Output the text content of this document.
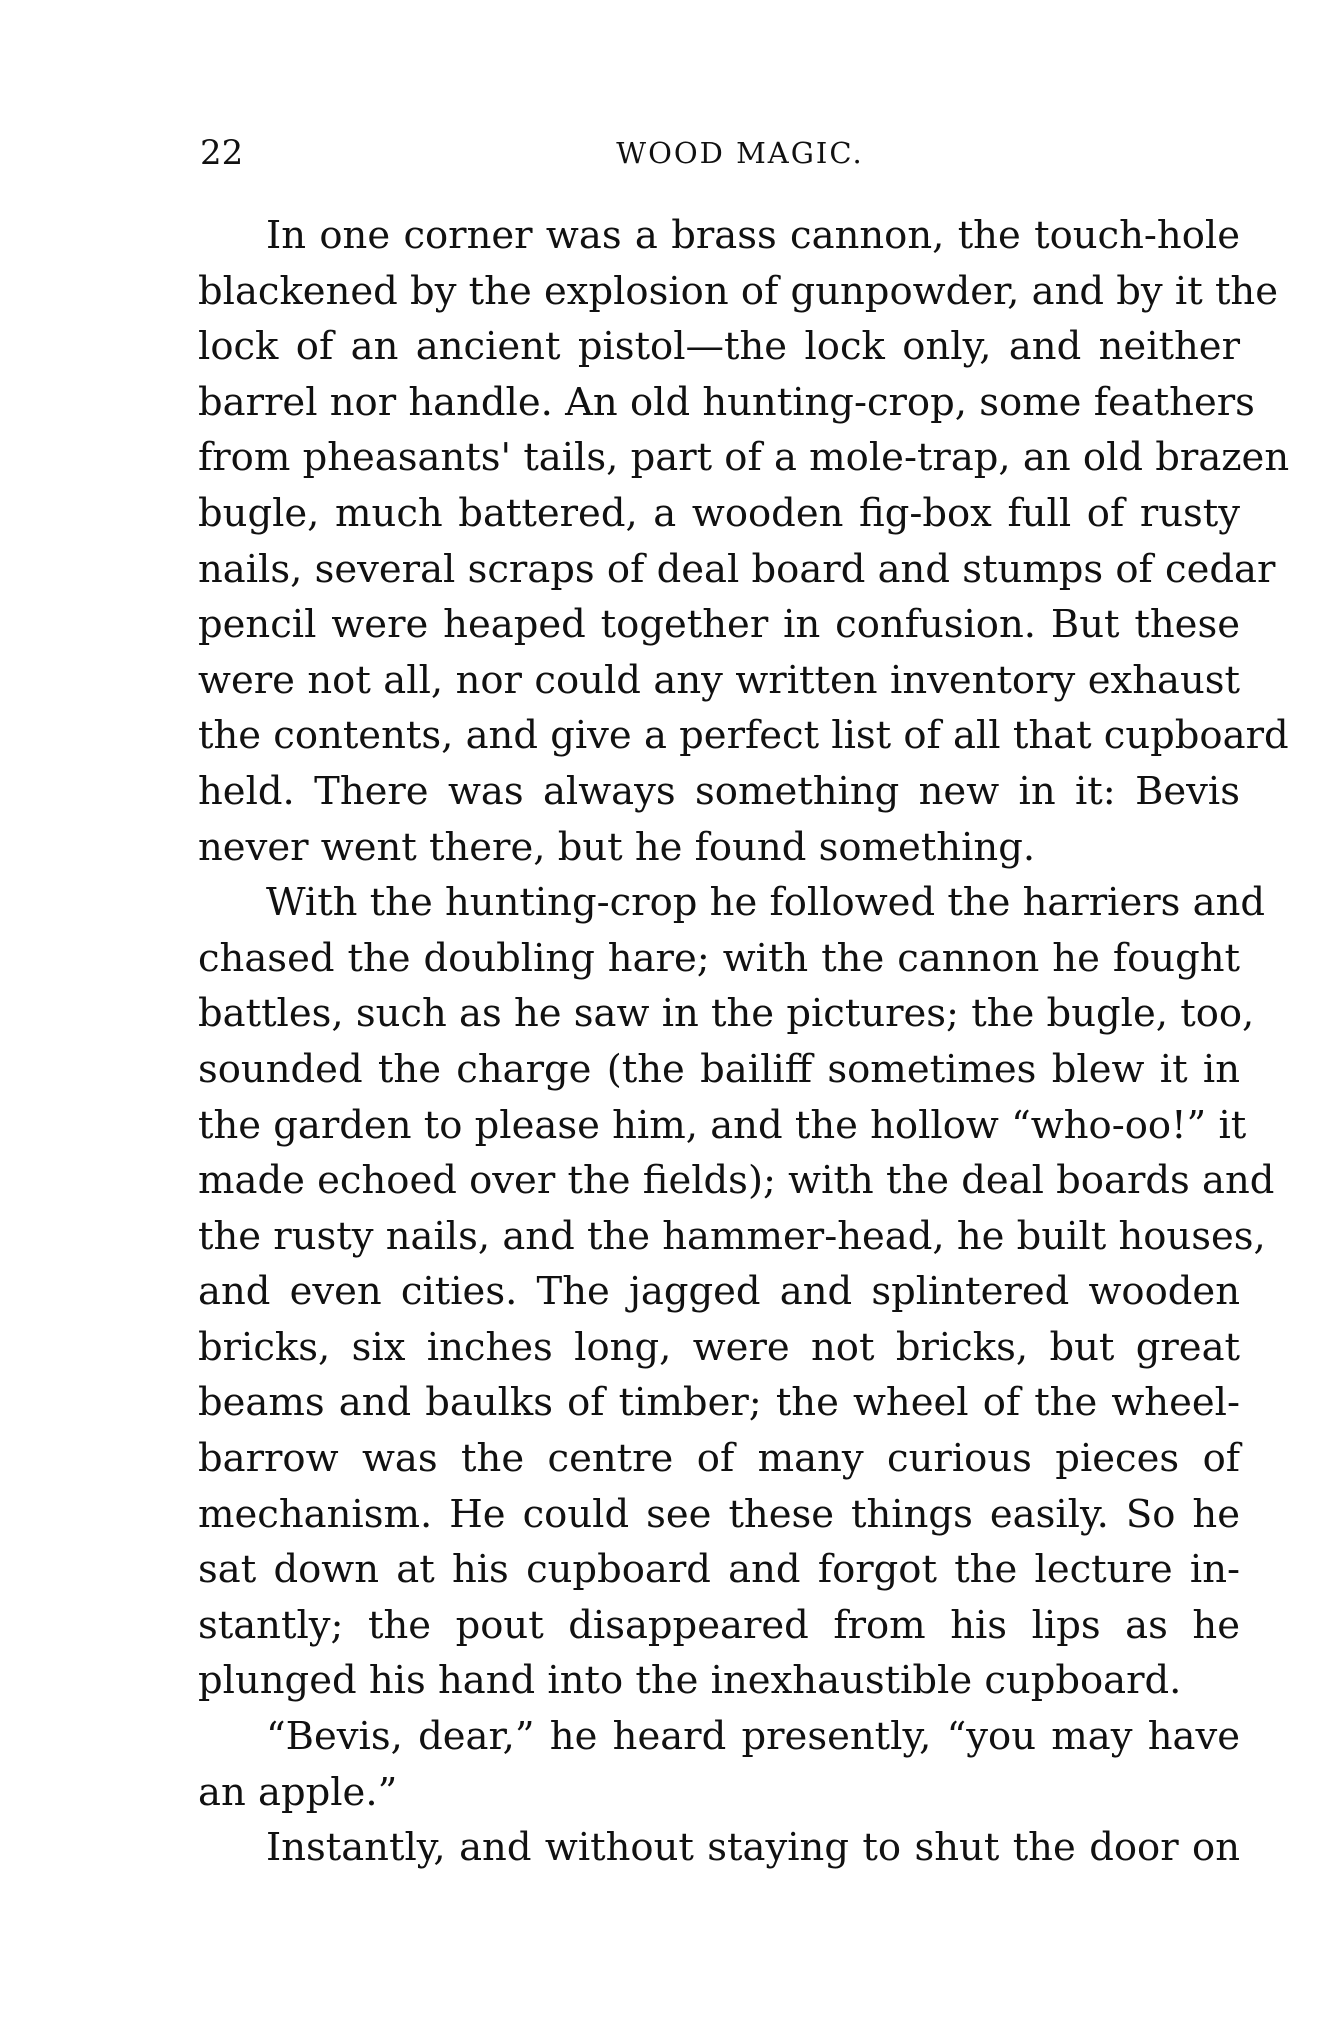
22	WOOD MAGIC.
In one corner was a brass cannon, the touch-hole
blackened by the explosion of gunpowder, and by it the
lock of an ancient pistol—the lock only, and neither
barrel nor handle. An old hunting-crop, some feathers
from pheasants' tails, part of a mole-trap, an old brazen
bugle, much battered, a wooden fig-box full of rusty
nails, several scraps of deal board and stumps of cedar
pencil were heaped together in confusion. But these
were not all, nor could any written inventory exhaust
the contents, and give a perfect list of all that cupboard
held. There was always something new in it: Bevis
never went there, but he found something.
With the hunting-crop he followed the harriers and
chased the doubling hare; with the cannon he fought
battles, such as he saw in the pictures; the bugle, too,
sounded the charge (the bailiff sometimes blew it in
the garden to please him, and the hollow “who-oo!” it
made echoed over the fields); with the deal boards and
the rusty nails, and the hammer-head, he built houses,
and even cities. The jagged and splintered wooden
bricks, six inches long, were not bricks, but great
beams and baulks of timber; the wheel of the wheel-
barrow was the centre of many curious pieces of
mechanism. He could see these things easily. So he
sat down at his cupboard and forgot the lecture in-
stantly; the pout disappeared from his lips as he
plunged his hand into the inexhaustible cupboard.
“Bevis, dear,” he heard presently, “you may have
an apple.”
Instantly, and without staying to shut the door on
